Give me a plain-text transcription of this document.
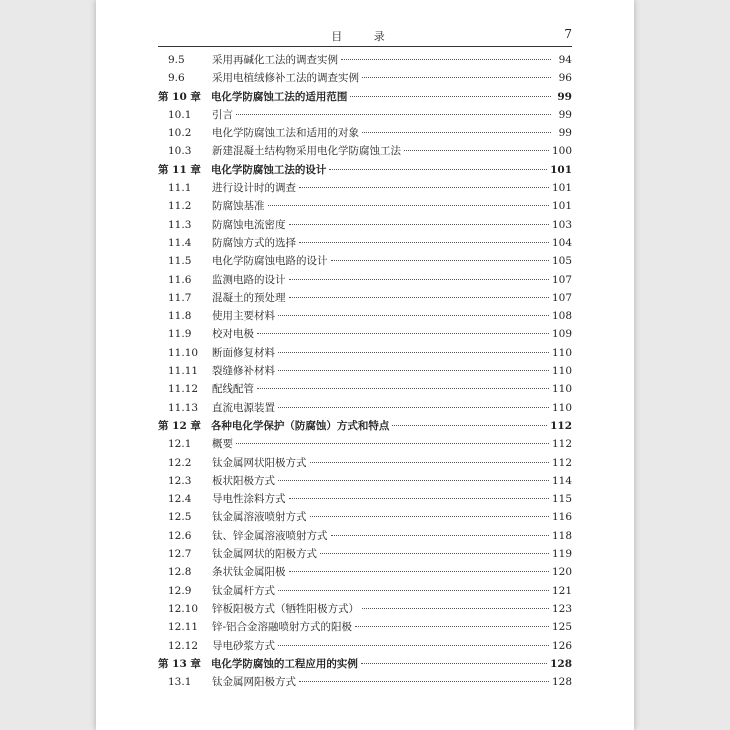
目 录	7
9.5	采用再碱化工法的调查实例	94
9.6	采用电植绒修补工法的调查实例	96
第 10 章 电化学防腐蚀工法的适用范围	99
10.1	引言	99
10.2	电化学防腐蚀工法和适用的对象	99
10.3	新建混凝土结构物采用电化学防腐蚀工法	100
第 11 章 电化学防腐蚀工法的设计	101
11.1	进行设计时的调查	101
11.2	防腐蚀基准	101
11.3	防腐蚀电流密度	103
11.4	防腐蚀方式的选择	104
11.5	电化学防腐蚀电路的设计	105
11.6	监测电路的设计	107
11.7	混凝土的预处理	107
11.8	使用主要材料	108
11.9	校对电极	109
11.10	断面修复材料	110
11.11	裂缝修补材料	110
11.12	配线配管	110
11.13	直流电源装置	110
第 12 章 各种电化学保护（防腐蚀）方式和特点	112
12.1	概要	112
12.2	钛金属网状阳极方式	112
12.3	板状阳极方式	114
12.4	导电性涂料方式	115
12.5	钛金属溶液喷射方式	116
12.6	钛、锌金属溶液喷射方式	118
12.7	钛金属网状的阳极方式	119
12.8	条状钛金属阳极	120
12.9	钛金属杆方式	121
12.10	锌板阳极方式（牺牲阳极方式）	123
12.11	锌-铝合金溶融喷射方式的阳极	125
12.12	导电砂浆方式	126
第 13 章 电化学防腐蚀的工程应用的实例	128
13.1	钛金属网阳极方式	128
